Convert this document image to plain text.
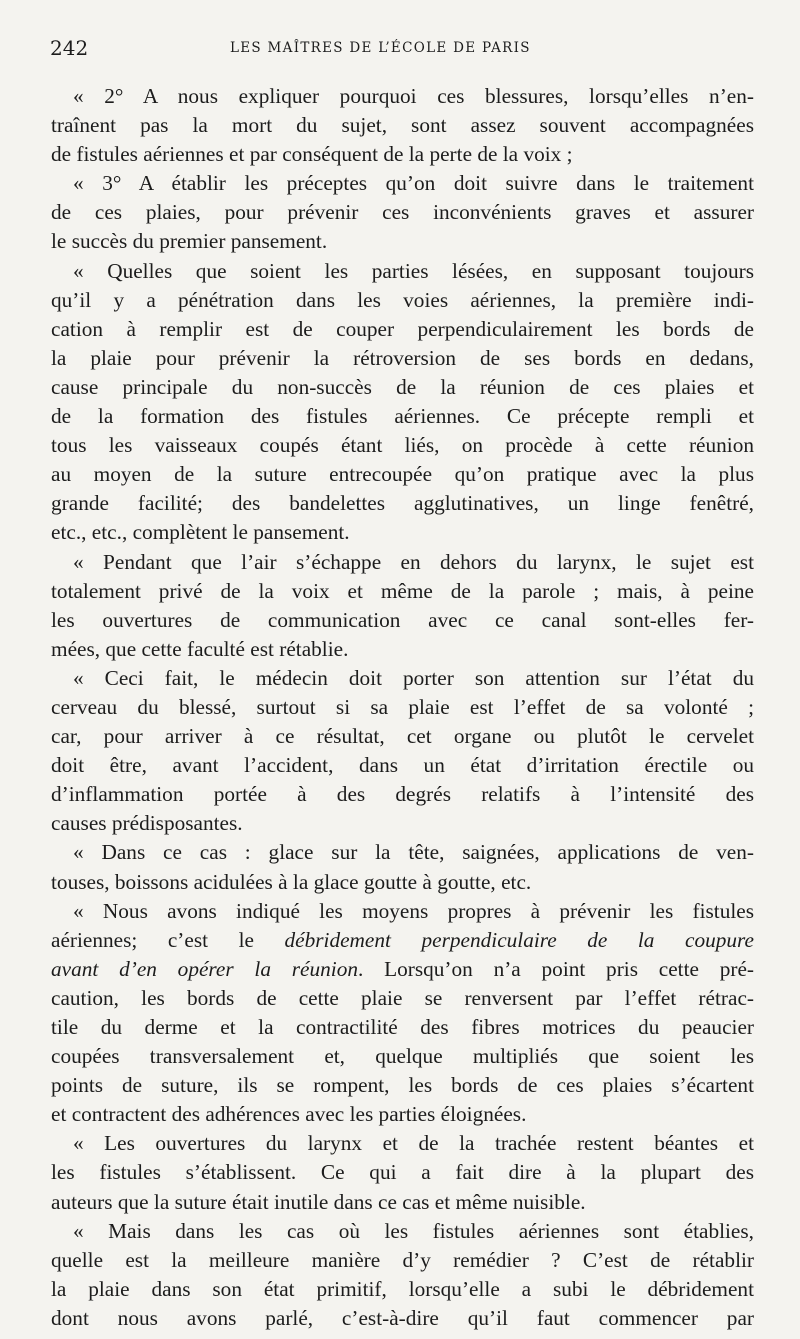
242	LES MAÎTRES DE L’ÉCOLE DE PARIS
« 2° A nous expliquer pourquoi ces blessures, lorsqu’elles n’en-
traînent pas la mort du sujet, sont assez souvent accompagnées
de fistules aériennes et par conséquent de la perte de la voix ;
« 3° A établir les préceptes qu’on doit suivre dans le traitement
de ces plaies, pour prévenir ces inconvénients graves et assurer
le succès du premier pansement.
« Quelles que soient les parties lésées, en supposant toujours
qu’il y a pénétration dans les voies aériennes, la première indi-
cation à remplir est de couper perpendiculairement les bords de
la plaie pour prévenir la rétroversion de ses bords en dedans,
cause principale du non-succès de la réunion de ces plaies et
de la formation des fistules aériennes. Ce précepte rempli et
tous les vaisseaux coupés étant liés, on procède à cette réunion
au moyen de la suture entrecoupée qu’on pratique avec la plus
grande facilité; des bandelettes agglutinatives, un linge fenêtré,
etc., etc., complètent le pansement.
« Pendant que l’air s’échappe en dehors du larynx, le sujet est
totalement privé de la voix et même de la parole ; mais, à peine
les ouvertures de communication avec ce canal sont-elles fer-
mées, que cette faculté est rétablie.
« Ceci fait, le médecin doit porter son attention sur l’état du
cerveau du blessé, surtout si sa plaie est l’effet de sa volonté ;
car, pour arriver à ce résultat, cet organe ou plutôt le cervelet
doit être, avant l’accident, dans un état d’irritation érectile ou
d’inflammation portée à des degrés relatifs à l’intensité des
causes prédisposantes.
« Dans ce cas : glace sur la tête, saignées, applications de ven-
touses, boissons acidulées à la glace goutte à goutte, etc.
« Nous avons indiqué les moyens propres à prévenir les fistules
aériennes; c’est le débridement perpendiculaire de la coupure
avant d’en opérer la réunion. Lorsqu’on n’a point pris cette pré-
caution, les bords de cette plaie se renversent par l’effet rétrac-
tile du derme et la contractilité des fibres motrices du peaucier
coupées transversalement et, quelque multipliés que soient les
points de suture, ils se rompent, les bords de ces plaies s’écartent
et contractent des adhérences avec les parties éloignées.
« Les ouvertures du larynx et de la trachée restent béantes et
les fistules s’établissent. Ce qui a fait dire à la plupart des
auteurs que la suture était inutile dans ce cas et même nuisible.
« Mais dans les cas où les fistules aériennes sont établies,
quelle est la meilleure manière d’y remédier ? C’est de rétablir
la plaie dans son état primitif, lorsqu’elle a subi le débridement
dont nous avons parlé, c’est-à-dire qu’il faut commencer par
